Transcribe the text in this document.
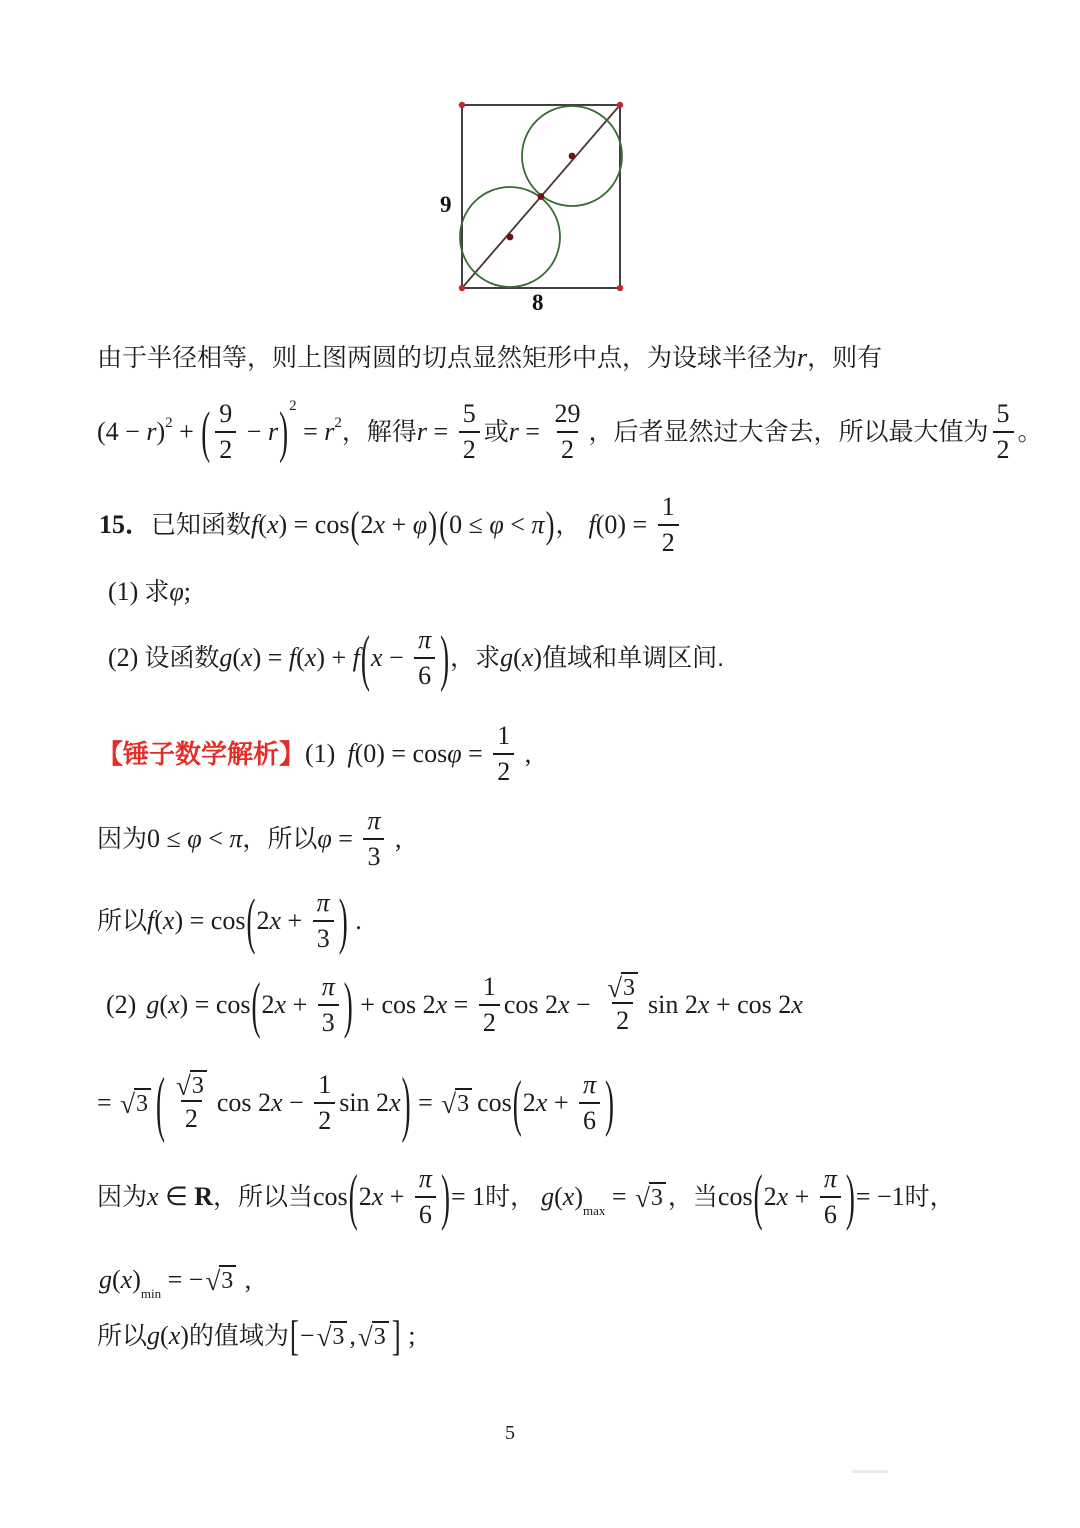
9
8
由于半径相等，则上图两圆的切点显然矩形中点，为设球半径为 r ，则有
(4 − r ) 2 + ( $\frac{9}{2} - r$ ) 2
= r 2 ，解得 $r = \frac{5}{2}$ 或 $r = \frac{29}{2}$ ，后者显然过大舍去，所以最大值为 $\frac{5}{2}$ 。
15． 已知函数 f ( x ) = cos ( 2 x + φ ) ( 0 ≤ φ < π ) ， f $(0) = \frac{1}{2}$
(1) 求 φ ;
(2) 设函数 g ( x ) = f ( x ) + f ( $x - \frac{\pi}{6}$ ) ，求 g ( x ) 值域和单调区间.
【锤子数学解析】 (1) f $(0) = \cos \varphi = \frac{1}{2}$ ,
因为 0 ≤ φ < π ，所以 $\varphi = \frac{\pi}{3}$ ,
所以 f ( x ) = cos ( 2 $x + \frac{\pi}{3}$ ) .
(2) g ( x ) = cos ( 2 $x + \frac{\pi}{3}$ ) + cos 2 $x = \frac{1}{2}$ cos 2 $x - \frac{√ 3}{2}$ sin 2 x + cos 2 x
= √ 3 ( $\frac{√ 3}{2}$ cos 2 $x - \frac{1}{2}$ sin 2 x ) = √ 3 cos ( 2 $x + \frac{\pi}{6}$ )
因为 x ∈ R ，所以当 cos ( 2 $x + \frac{\pi}{6}$ ) = 1 时， g ( x ) max = √ 3 ，当 cos ( 2 $x + \frac{\pi}{6}$ ) = −1 时，
g ( x ) min = − √ 3 ,
所以 g ( x ) 的值域为 [ − √ 3 , √ 3 ] ;
5
